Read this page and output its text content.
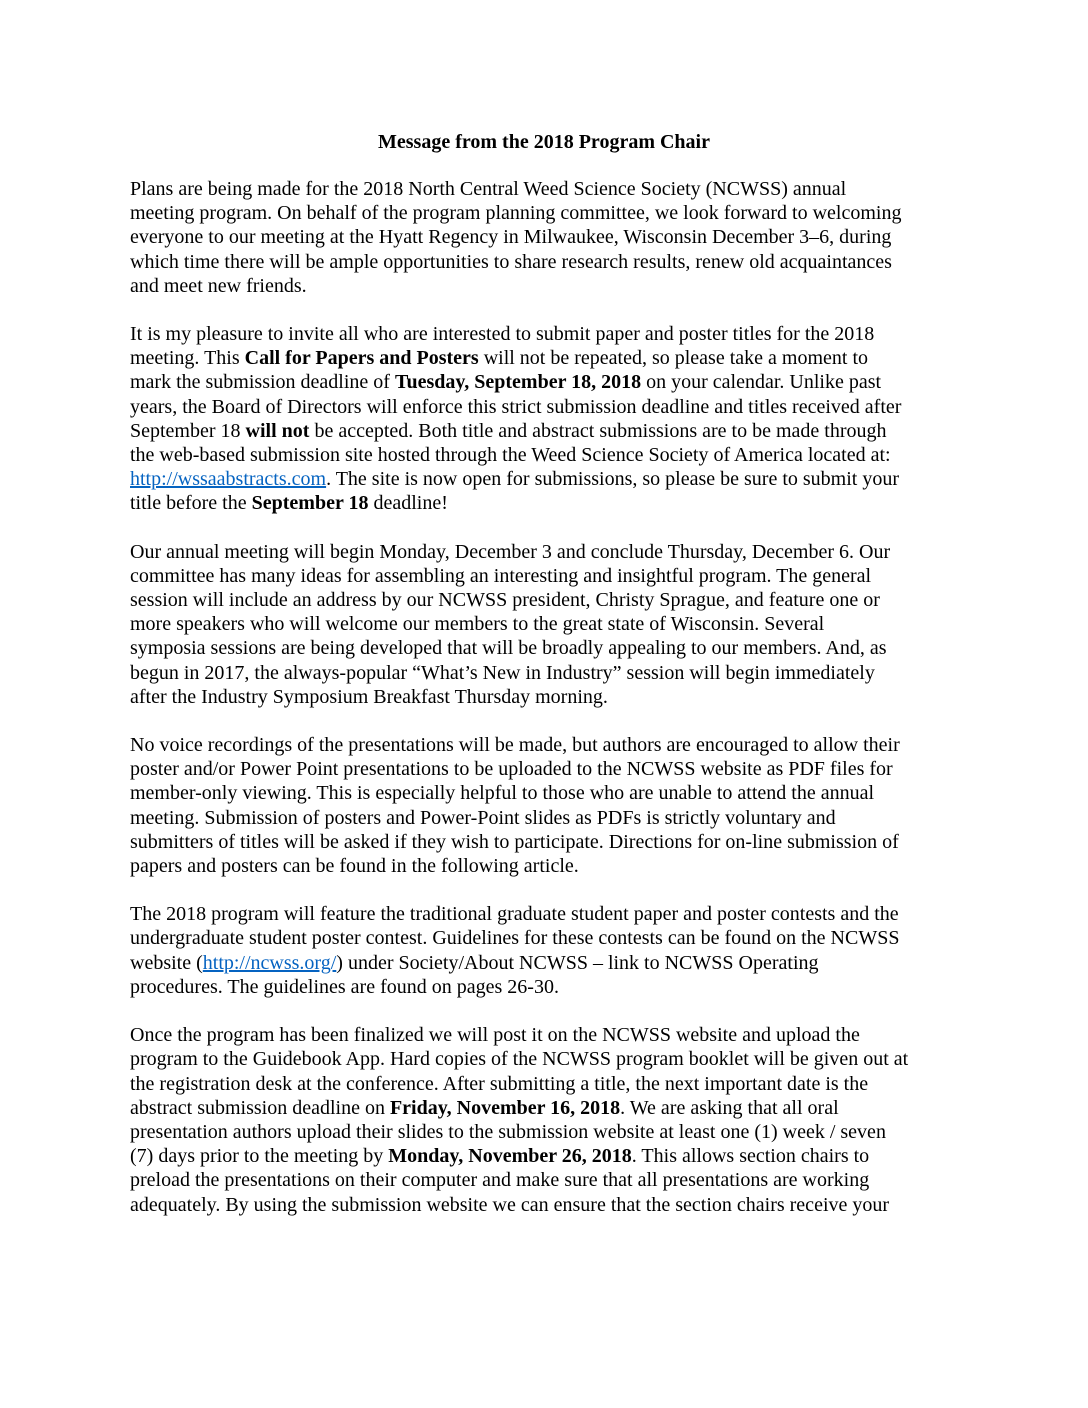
Message from the 2018 Program Chair

Plans are being made for the 2018 North Central Weed Science Society (NCWSS) annual
meeting program. On behalf of the program planning committee, we look forward to welcoming
everyone to our meeting at the Hyatt Regency in Milwaukee, Wisconsin December 3–6, during
which time there will be ample opportunities to share research results, renew old acquaintances
and meet new friends.

It is my pleasure to invite all who are interested to submit paper and poster titles for the 2018
meeting. This Call for Papers and Posters will not be repeated, so please take a moment to
mark the submission deadline of Tuesday, September 18, 2018 on your calendar. Unlike past
years, the Board of Directors will enforce this strict submission deadline and titles received after
September 18 will not be accepted. Both title and abstract submissions are to be made through
the web-based submission site hosted through the Weed Science Society of America located at:
http://wssaabstracts.com. The site is now open for submissions, so please be sure to submit your
title before the September 18 deadline!

Our annual meeting will begin Monday, December 3 and conclude Thursday, December 6. Our
committee has many ideas for assembling an interesting and insightful program. The general
session will include an address by our NCWSS president, Christy Sprague, and feature one or
more speakers who will welcome our members to the great state of Wisconsin. Several
symposia sessions are being developed that will be broadly appealing to our members. And, as
begun in 2017, the always-popular “What’s New in Industry” session will begin immediately
after the Industry Symposium Breakfast Thursday morning.

No voice recordings of the presentations will be made, but authors are encouraged to allow their
poster and/or Power Point presentations to be uploaded to the NCWSS website as PDF files for
member-only viewing. This is especially helpful to those who are unable to attend the annual
meeting. Submission of posters and Power-Point slides as PDFs is strictly voluntary and
submitters of titles will be asked if they wish to participate. Directions for on-line submission of
papers and posters can be found in the following article.

The 2018 program will feature the traditional graduate student paper and poster contests and the
undergraduate student poster contest. Guidelines for these contests can be found on the NCWSS
website (http://ncwss.org/) under Society/About NCWSS – link to NCWSS Operating
procedures. The guidelines are found on pages 26-30.

Once the program has been finalized we will post it on the NCWSS website and upload the
program to the Guidebook App. Hard copies of the NCWSS program booklet will be given out at
the registration desk at the conference. After submitting a title, the next important date is the
abstract submission deadline on Friday, November 16, 2018. We are asking that all oral
presentation authors upload their slides to the submission website at least one (1) week / seven
(7) days prior to the meeting by Monday, November 26, 2018. This allows section chairs to
preload the presentations on their computer and make sure that all presentations are working
adequately. By using the submission website we can ensure that the section chairs receive your
